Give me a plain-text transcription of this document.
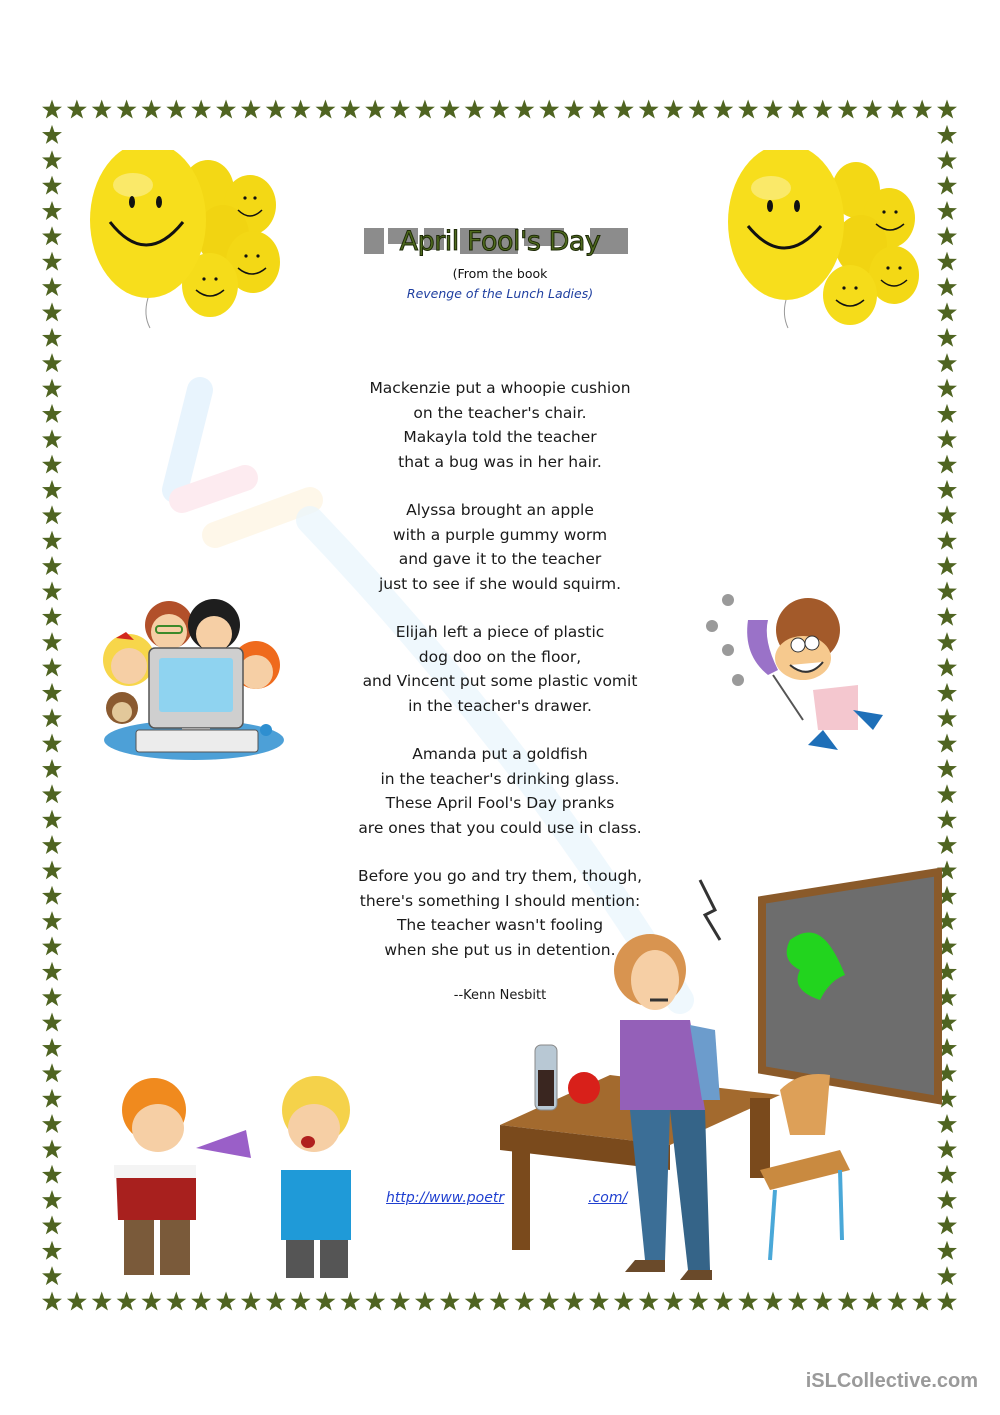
April Fool's Day
(From the book
Revenge of the Lunch Ladies)
Mackenzie put a whoopie cushion
on the teacher's chair.
Makayla told the teacher
that a bug was in her hair.
Alyssa brought an apple
with a purple gummy worm
and gave it to the teacher
just to see if she would squirm.
Elijah left a piece of plastic
dog doo on the floor,
and Vincent put some plastic vomit
in the teacher's drawer.
Amanda put a goldfish
in the teacher's drinking glass.
These April Fool's Day pranks
are ones that you could use in class.
Before you go and try them, though,
there's something I should mention:
The teacher wasn't fooling
when she put us in detention.
--Kenn Nesbitt
http://www.poetr	.com/
iSLCollective.com
